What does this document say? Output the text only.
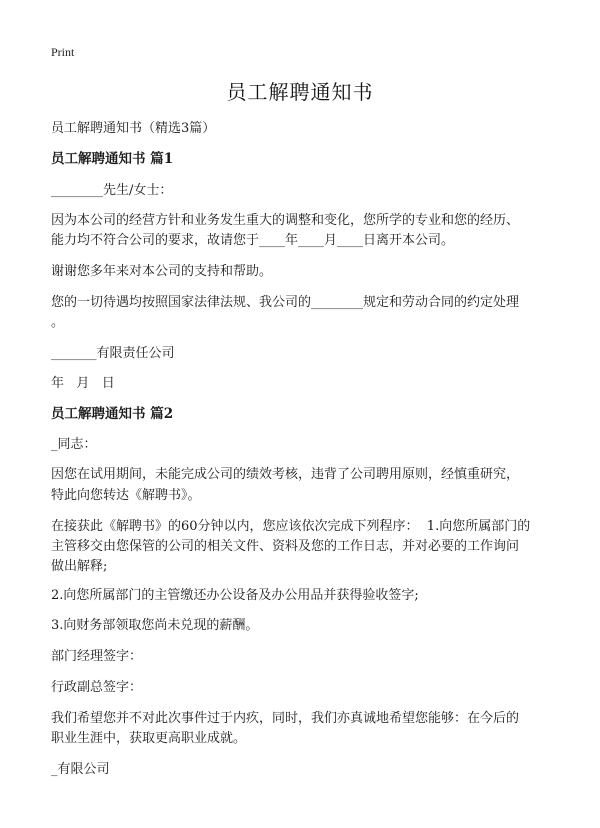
Print
员工解聘通知书
员工解聘通知书（精选3篇）
员工解聘通知书 篇1
________先生/女士：
因为本公司的经营方针和业务发生重大的调整和变化，您所学的专业和您的经历、
能力均不符合公司的要求，故请您于____年____月____日离开本公司。
谢谢您多年来对本公司的支持和帮助。
您的一切待遇均按照国家法律法规、我公司的________规定和劳动合同的约定处理
。
_______有限责任公司
年   月   日
员工解聘通知书 篇2
_同志：
因您在试用期间，未能完成公司的绩效考核，违背了公司聘用原则，经慎重研究，
特此向您转达《解聘书》。
在接获此《解聘书》的60分钟以内，您应该依次完成下列程序：  1.向您所属部门的
主管移交由您保管的公司的相关文件、资料及您的工作日志，并对必要的工作询问
做出解释;
2.向您所属部门的主管缴还办公设备及办公用品并获得验收签字;
3.向财务部领取您尚未兑现的薪酬。
部门经理签字：
行政副总签字：
我们希望您并不对此次事件过于内疚，同时，我们亦真诚地希望您能够：在今后的
职业生涯中，获取更高职业成就。
_有限公司
